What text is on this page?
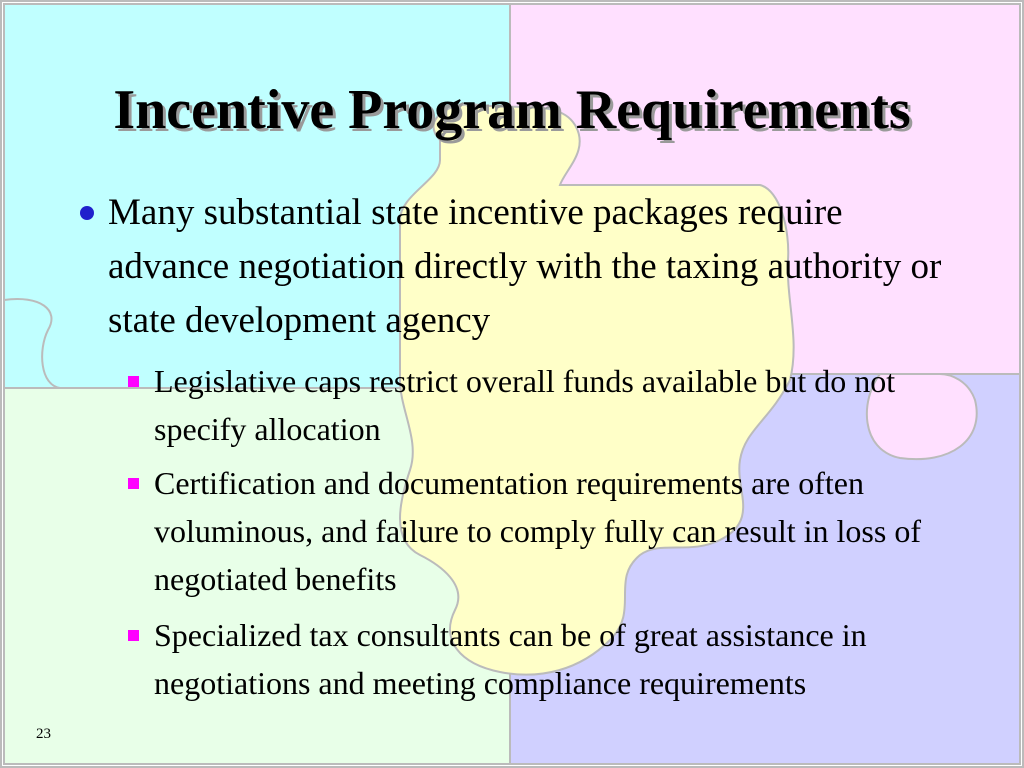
Incentive Program Requirements
Many substantial state incentive packages require advance negotiation directly with the taxing authority or state development agency
Legislative caps restrict overall funds available but do not specify allocation
Certification and documentation requirements are often voluminous, and failure to comply fully can result in loss of negotiated benefits
Specialized tax consultants can be of great assistance in negotiations and meeting compliance requirements
23
